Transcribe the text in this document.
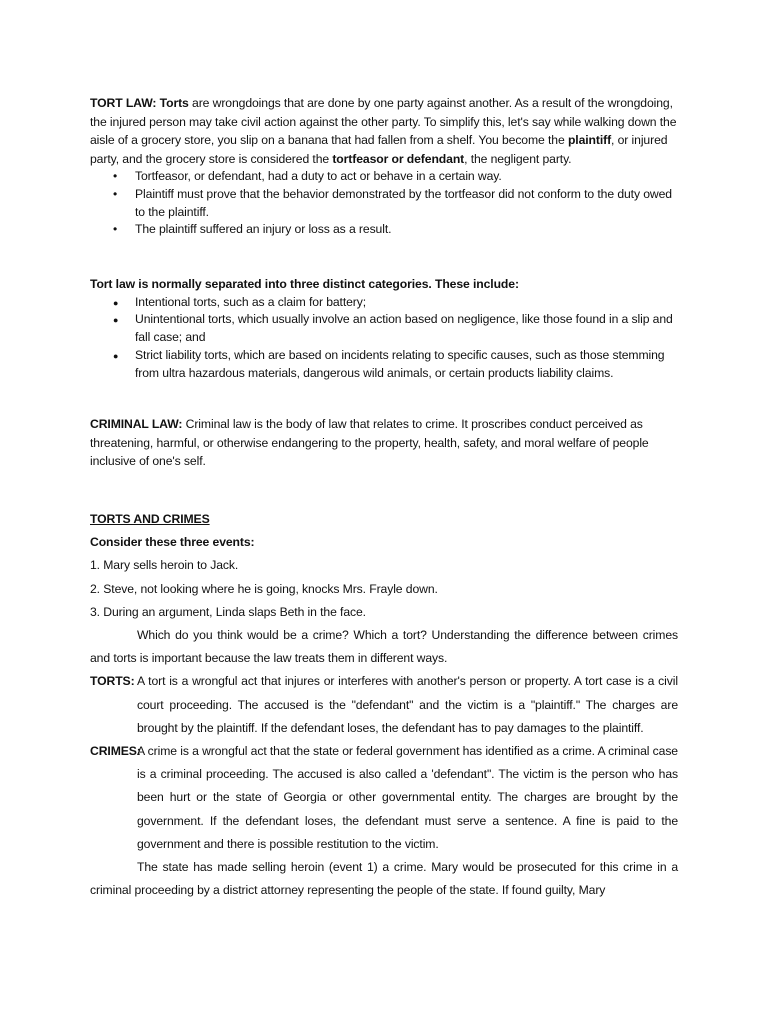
TORT LAW: Torts are wrongdoings that are done by one party against another. As a result of the wrongdoing, the injured person may take civil action against the other party. To simplify this, let's say while walking down the aisle of a grocery store, you slip on a banana that had fallen from a shelf. You become the plaintiff, or injured party, and the grocery store is considered the tortfeasor or defendant, the negligent party.

• Tortfeasor, or defendant, had a duty to act or behave in a certain way.
• Plaintiff must prove that the behavior demonstrated by the tortfeasor did not conform to the duty owed to the plaintiff.
• The plaintiff suffered an injury or loss as a result.

Tort law is normally separated into three distinct categories. These include:

● Intentional torts, such as a claim for battery;
● Unintentional torts, which usually involve an action based on negligence, like those found in a slip and fall case; and
● Strict liability torts, which are based on incidents relating to specific causes, such as those stemming from ultra hazardous materials, dangerous wild animals, or certain products liability claims.

CRIMINAL LAW: Criminal law is the body of law that relates to crime. It proscribes conduct perceived as threatening, harmful, or otherwise endangering to the property, health, safety, and moral welfare of people inclusive of one's self.

TORTS AND CRIMES

Consider these three events:

1. Mary sells heroin to Jack.

2. Steve, not looking where he is going, knocks Mrs. Frayle down.

3. During an argument, Linda slaps Beth in the face.

Which do you think would be a crime? Which a tort? Understanding the difference between crimes and torts is important because the law treats them in different ways.

TORTS: A tort is a wrongful act that injures or interferes with another's person or property. A tort case is a civil court proceeding. The accused is the "defendant" and the victim is a "plaintiff." The charges are brought by the plaintiff. If the defendant loses, the defendant has to pay damages to the plaintiff.

CRIMES:
A crime is a wrongful act that the state or federal government has identified as a crime. A criminal case is a criminal proceeding. The accused is also called a 'defendant". The victim is the person who has been hurt or the state of Georgia or other governmental entity. The charges are brought by the government. If the defendant loses, the defendant must serve a sentence. A fine is paid to the government and there is possible restitution to the victim.

The state has made selling heroin (event 1) a crime. Mary would be prosecuted for this crime in a criminal proceeding by a district attorney representing the people of the state. If found guilty, Mary
